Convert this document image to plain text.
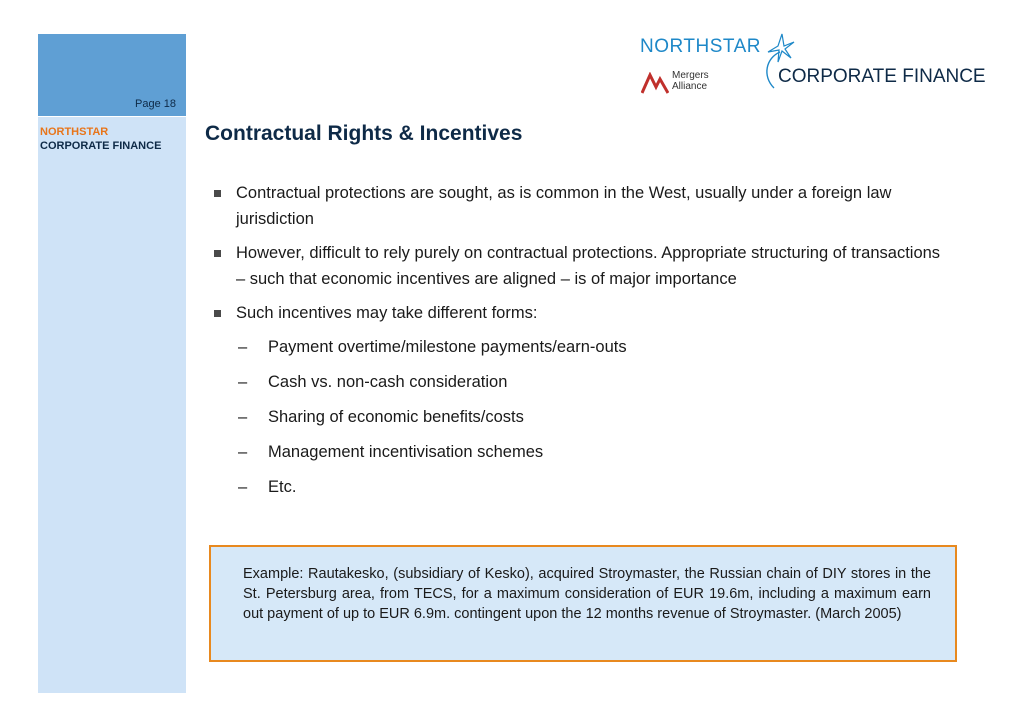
Page 18
NORTHSTAR
CORPORATE FINANCE
NORTHSTAR
Mergers
Alliance	CORPORATE FINANCE
Contractual Rights & Incentives
Contractual protections are sought, as is common in the West, usually under a foreign law jurisdiction
However, difficult to rely purely on contractual protections. Appropriate structuring of transactions – such that economic incentives are aligned – is of major importance
Such incentives may take different forms:
– Payment overtime/milestone payments/earn-outs
– Cash vs. non-cash consideration
– Sharing of economic benefits/costs
– Management incentivisation schemes
– Etc.
Example: Rautakesko, (subsidiary of Kesko), acquired Stroymaster, the Russian chain of DIY stores in the St. Petersburg area, from TECS, for a maximum consideration of EUR 19.6m, including a maximum earn out payment of up to EUR 6.9m. contingent upon the 12 months revenue of Stroymaster. (March 2005)
